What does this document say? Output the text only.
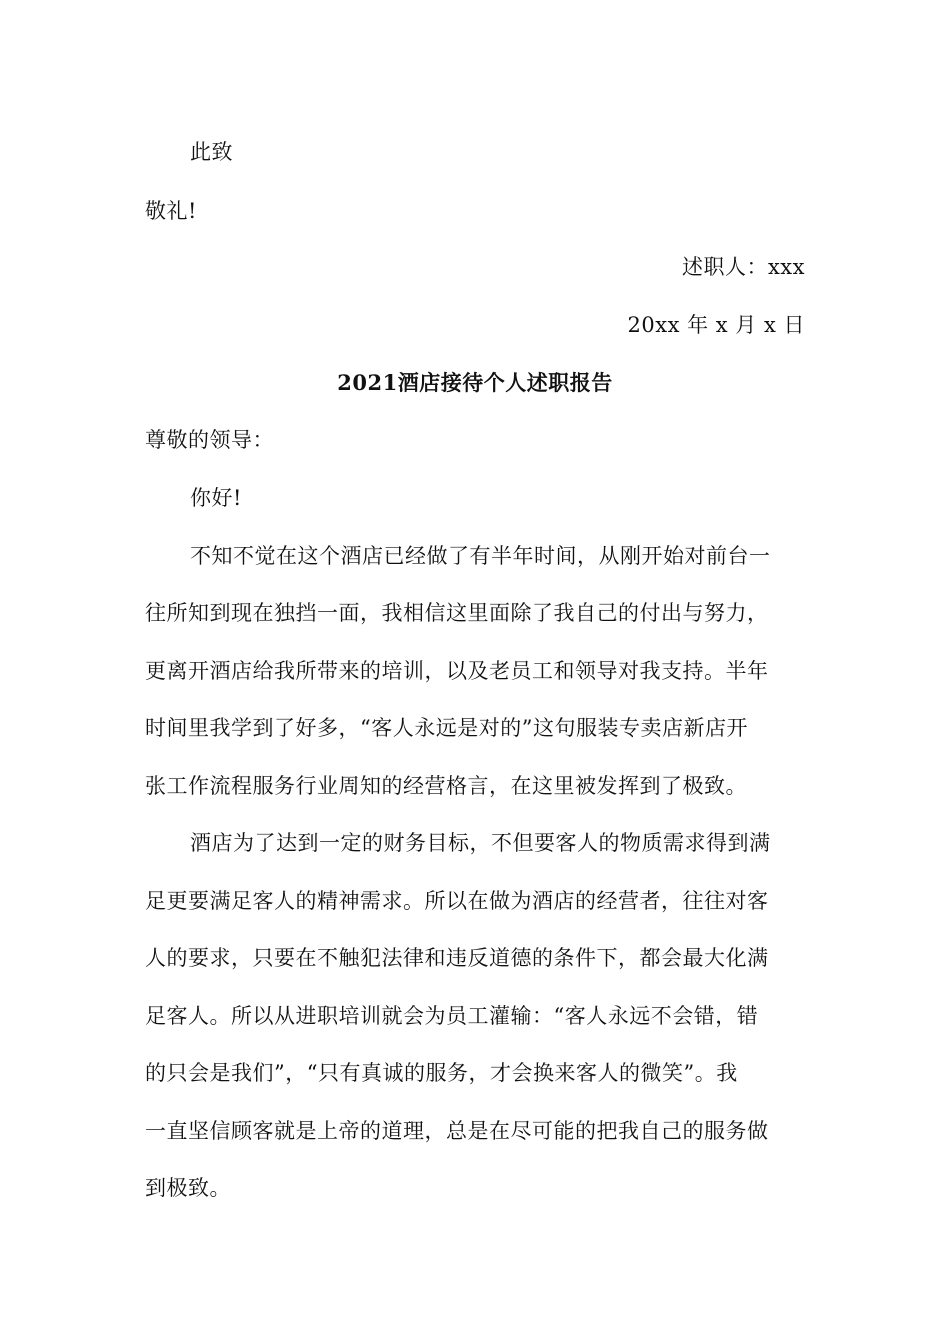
此致
敬礼!
述职人：xxx
20xx 年 x 月 x 日
2021酒店接待个人述职报告
尊敬的领导：
你好!
不知不觉在这个酒店已经做了有半年时间，从刚开始对前台一
往所知到现在独挡一面，我相信这里面除了我自己的付出与努力，
更离开酒店给我所带来的培训，以及老员工和领导对我支持。半年
时间里我学到了好多，“客人永远是对的”这句服装专卖店新店开
张工作流程服务行业周知的经营格言，在这里被发挥到了极致。
酒店为了达到一定的财务目标，不但要客人的物质需求得到满
足更要满足客人的精神需求。所以在做为酒店的经营者，往往对客
人的要求，只要在不触犯法律和违反道德的条件下，都会最大化满
足客人。所以从进职培训就会为员工灌输：“客人永远不会错，错
的只会是我们”，“只有真诚的服务，才会换来客人的微笑”。我
一直坚信顾客就是上帝的道理，总是在尽可能的把我自己的服务做
到极致。
